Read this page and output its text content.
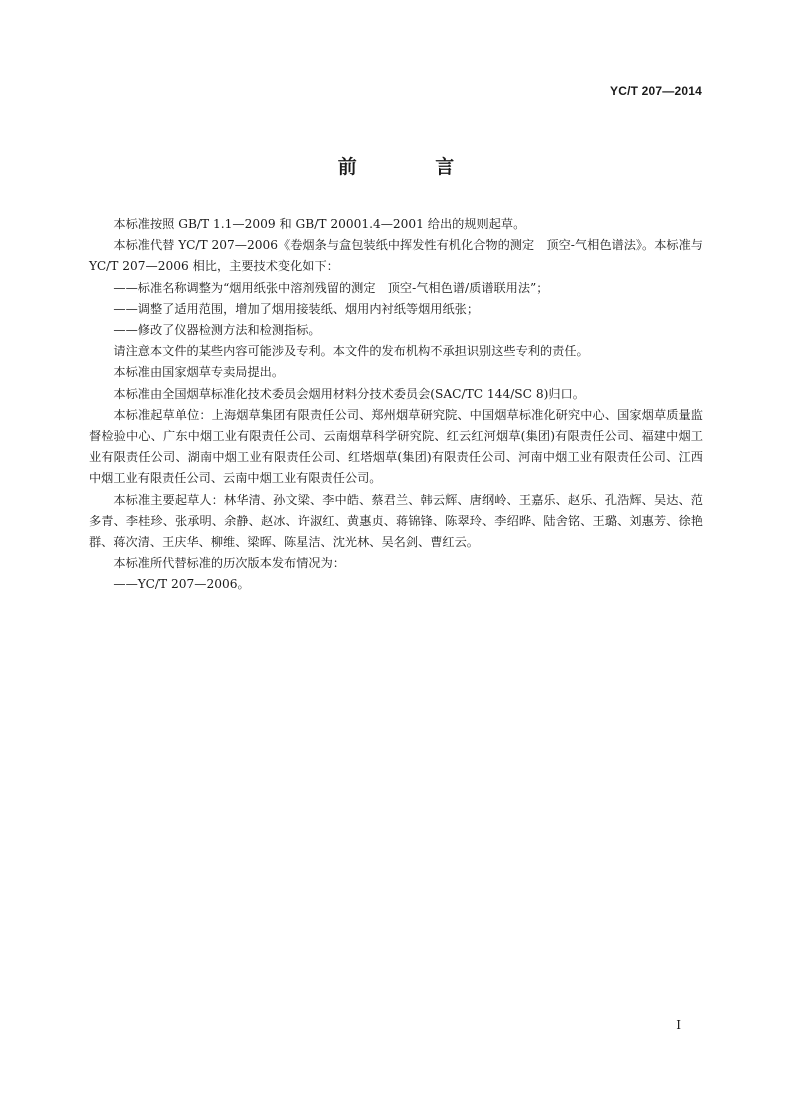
YC/T 207—2014
前 言

本标准按照 GB/T 1.1—2009 和 GB/T 20001.4—2001 给出的规则起草。

本标准代替 YC/T 207—2006《卷烟条与盒包装纸中挥发性有机化合物的测定　顶空-气相色谱法》。本标准与 YC/T 207—2006 相比，主要技术变化如下：

——标准名称调整为“烟用纸张中溶剂残留的测定　顶空-气相色谱/质谱联用法”；

——调整了适用范围，增加了烟用接装纸、烟用内衬纸等烟用纸张；

——修改了仪器检测方法和检测指标。

请注意本文件的某些内容可能涉及专利。本文件的发布机构不承担识别这些专利的责任。

本标准由国家烟草专卖局提出。

本标准由全国烟草标准化技术委员会烟用材料分技术委员会(SAC/TC 144/SC 8)归口。

本标准起草单位：上海烟草集团有限责任公司、郑州烟草研究院、中国烟草标准化研究中心、国家烟草质量监督检验中心、广东中烟工业有限责任公司、云南烟草科学研究院、红云红河烟草(集团)有限责任公司、福建中烟工业有限责任公司、湖南中烟工业有限责任公司、红塔烟草(集团)有限责任公司、河南中烟工业有限责任公司、江西中烟工业有限责任公司、云南中烟工业有限责任公司。

本标准主要起草人：林华清、孙文梁、李中皓、蔡君兰、韩云辉、唐纲岭、王嘉乐、赵乐、孔浩辉、吴达、范多青、李桂珍、张承明、余静、赵冰、许淑红、黄惠贞、蒋锦锋、陈翠玲、李绍晔、陆舍铭、王璐、刘惠芳、徐艳群、蒋次清、王庆华、柳维、梁晖、陈星洁、沈光林、吴名剑、曹红云。

本标准所代替标准的历次版本发布情况为：

——YC/T 207—2006。

I
